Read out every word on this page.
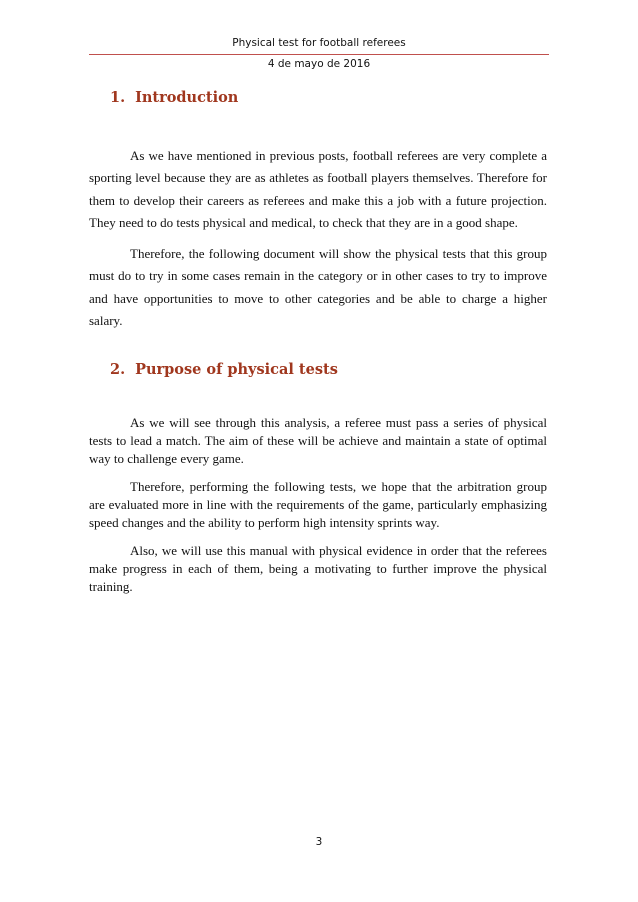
Physical test for football referees
4 de mayo de 2016
1. Introduction

As we have mentioned in previous posts, football referees are very complete a sporting level because they are as athletes as football players themselves. Therefore for them to develop their careers as referees and make this a job with a future projection. They need to do tests physical and medical, to check that they are in a good shape.

Therefore, the following document will show the physical tests that this group must do to try in some cases remain in the category or in other cases to try to improve and have opportunities to move to other categories and be able to charge a higher salary.

2. Purpose of physical tests

As we will see through this analysis, a referee must pass a series of physical tests to lead a match. The aim of these will be achieve and maintain a state of optimal way to challenge every game.

Therefore, performing the following tests, we hope that the arbitration group are evaluated more in line with the requirements of the game, particularly emphasizing speed changes and the ability to perform high intensity sprints way.

Also, we will use this manual with physical evidence in order that the referees make progress in each of them, being a motivating to further improve the physical training.

3
